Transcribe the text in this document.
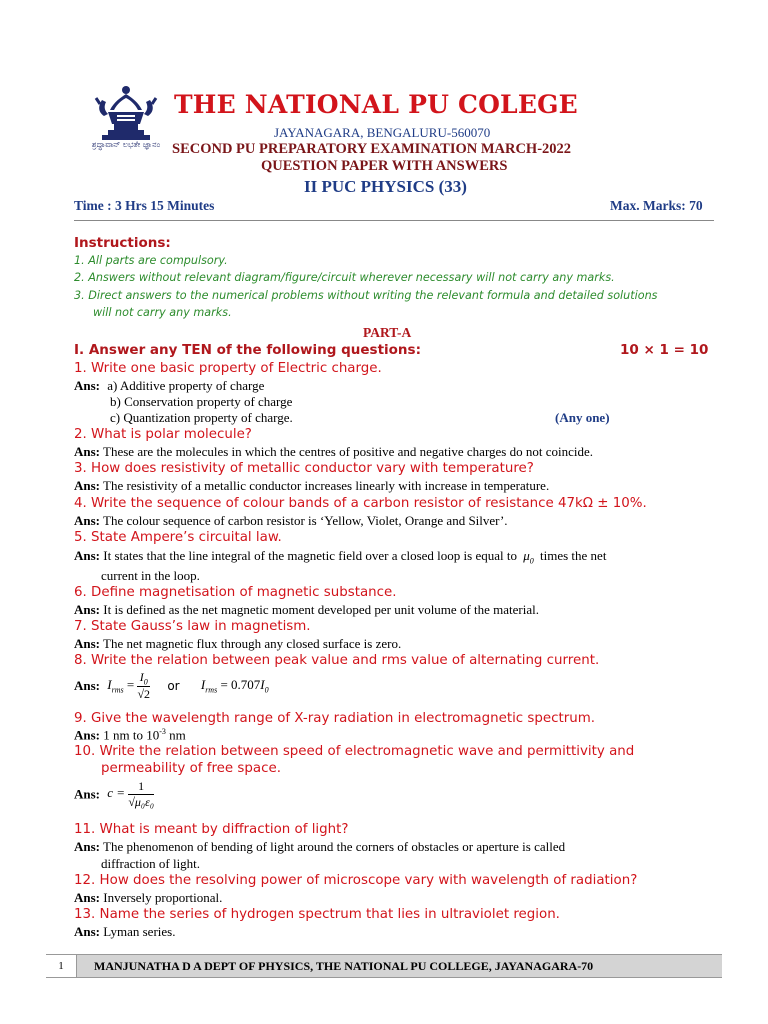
ಶ್ರದ್ಧಾವಾನ್ ಲಭತೇ ಜ್ಞಾನಂ
THE NATIONAL PU COLEGE
JAYANAGARA, BENGALURU-560070
SECOND PU PREPARATORY EXAMINATION MARCH-2022
QUESTION PAPER WITH ANSWERS
II PUC PHYSICS (33)
Time : 3 Hrs 15 Minutes	Max. Marks: 70
Instructions:
1. All parts are compulsory.
2. Answers without relevant diagram/figure/circuit wherever necessary will not carry any marks.
3. Direct answers to the numerical problems without writing the relevant formula and detailed solutions
will not carry any marks.
PART-A
I. Answer any TEN of the following questions:	10 × 1 = 10
1. Write one basic property of Electric charge.
Ans: a) Additive property of charge
b) Conservation property of charge
c) Quantization property of charge.	(Any one)
2. What is polar molecule?
Ans: These are the molecules in which the centres of positive and negative charges do not coincide.
3. How does resistivity of metallic conductor vary with temperature?
Ans: The resistivity of a metallic conductor increases linearly with increase in temperature.
4. Write the sequence of colour bands of a carbon resistor of resistance 47kΩ ± 10%.
Ans: The colour sequence of carbon resistor is ‘Yellow, Violet, Orange and Silver’.
5. State Ampere’s circuital law.
Ans: It states that the line integral of the magnetic field over a closed loop is equal to $\mu_0$ times the net
current in the loop.
6. Define magnetisation of magnetic substance.
Ans: It is defined as the net magnetic moment developed per unit volume of the material.
7. State Gauss’s law in magnetism.
Ans: The net magnetic flux through any closed surface is zero.
8. Write the relation between peak value and rms value of alternating current.
Ans: $I_{rms} = \frac{I_0}{√2}$ or $I_{rms} = 0.707I_0$
9. Give the wavelength range of X-ray radiation in electromagnetic spectrum.
Ans: 1 nm to $10^{-3}$ nm
10. Write the relation between speed of electromagnetic wave and permittivity and
permeability of free space.
Ans: $c = \frac{1}{\text{√μ₀ε₀}}$
11. What is meant by diffraction of light?
Ans: The phenomenon of bending of light around the corners of obstacles or aperture is called
diffraction of light.
12. How does the resolving power of microscope vary with wavelength of radiation?
Ans: Inversely proportional.
13. Name the series of hydrogen spectrum that lies in ultraviolet region.
Ans: Lyman series.
1	MANJUNATHA D A DEPT OF PHYSICS, THE NATIONAL PU COLLEGE, JAYANAGARA-70
